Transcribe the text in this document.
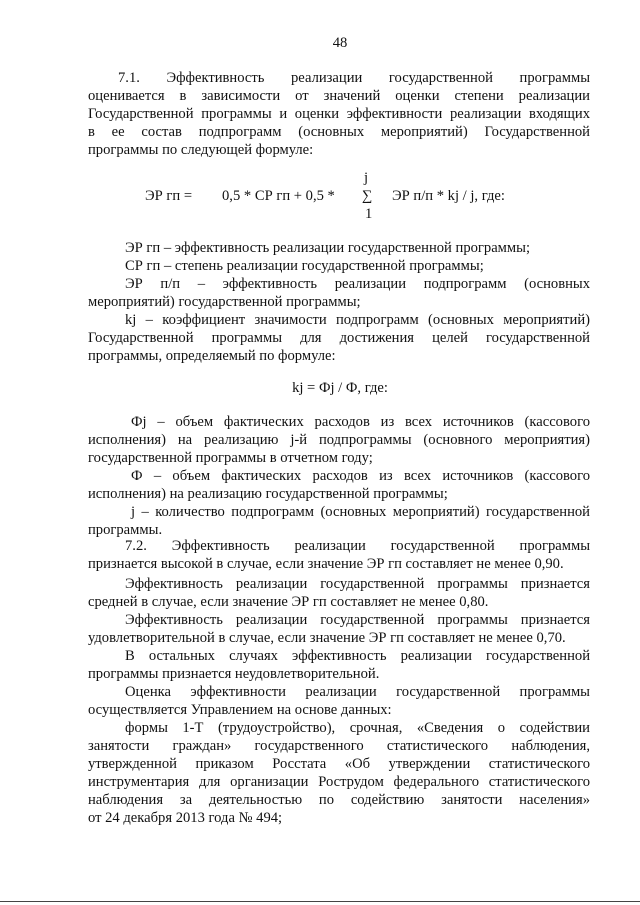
48
7.1. Эффективность реализации государственной программы
оценивается в зависимости от значений оценки степени реализации
Государственной программы и оценки эффективности реализации входящих
в ее состав подпрограмм (основных мероприятий) Государственной
программы по следующей формуле:
j
ЭР гп = 0,5 * СР гп + 0,5 * ∑ ЭР п/п * kj / j, где:
1
ЭР гп – эффективность реализации государственной программы;
СР гп – степень реализации государственной программы;
ЭР п/п – эффективность реализации подпрограмм (основных
мероприятий) государственной программы;
kj – коэффициент значимости подпрограмм (основных мероприятий)
Государственной программы для достижения целей государственной
программы, определяемый по формуле:
kj = Фj / Ф, где:
Фj – объем фактических расходов из всех источников (кассового
исполнения) на реализацию j-й подпрограммы (основного мероприятия)
государственной программы в отчетном году;
Ф – объем фактических расходов из всех источников (кассового
исполнения) на реализацию государственной программы;
j – количество подпрограмм (основных мероприятий) государственной
программы.
7.2. Эффективность реализации государственной программы
признается высокой в случае, если значение ЭР гп составляет не менее 0,90.
Эффективность реализации государственной программы признается
средней в случае, если значение ЭР гп составляет не менее 0,80.
Эффективность реализации государственной программы признается
удовлетворительной в случае, если значение ЭР гп составляет не менее 0,70.
В остальных случаях эффективность реализации государственной
программы признается неудовлетворительной.
Оценка эффективности реализации государственной программы
осуществляется Управлением на основе данных:
формы 1-Т (трудоустройство), срочная, «Сведения о содействии
занятости граждан» государственного статистического наблюдения,
утвержденной приказом Росстата «Об утверждении статистического
инструментария для организации Рострудом федерального статистического
наблюдения за деятельностью по содействию занятости населения»
от 24 декабря 2013 года № 494;
